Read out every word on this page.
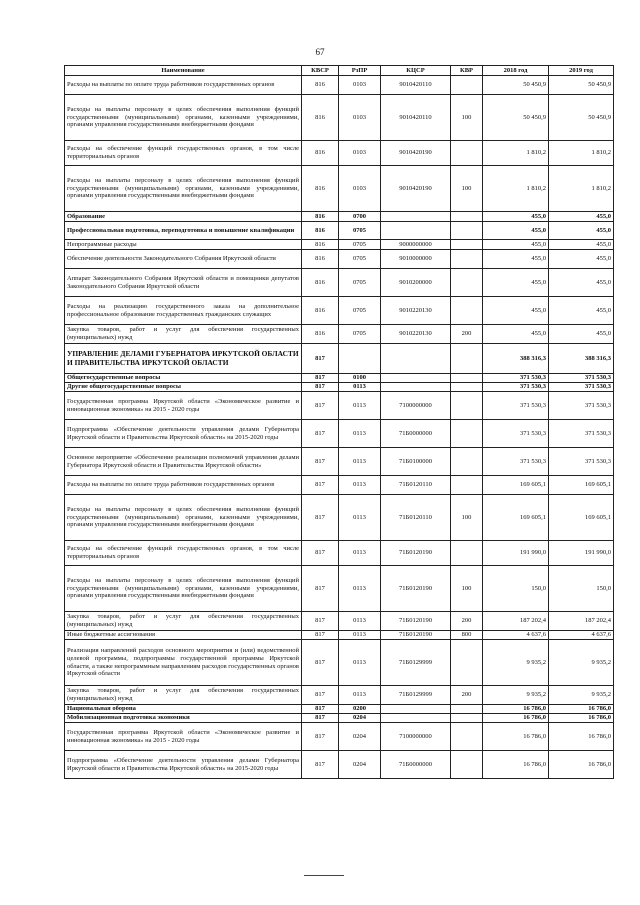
67
Наименование	КВСР	РзПР	КЦСР	КВР	2018 год	2019 год
Расходы на выплаты по оплате труда работников государственных органов	816	0103	9010420110		50 450,9	50 450,9
Расходы на выплаты персоналу в целях обеспечения выполнения функций государственными (муниципальными) органами, казенными учреждениями, органами управления государственными внебюджетными фондами	816	0103	9010420110	100	50 450,9	50 450,9
Расходы на обеспечение функций государственных органов, в том числе территориальных органов	816	0103	9010420190		1 810,2	1 810,2
Расходы на выплаты персоналу в целях обеспечения выполнения функций государственными (муниципальными) органами, казенными учреждениями, органами управления государственными внебюджетными фондами	816	0103	9010420190	100	1 810,2	1 810,2
Образование	816	0700			455,0	455,0
Профессиональная подготовка, переподготовка и повышение квалификации	816	0705			455,0	455,0
Непрограммные расходы	816	0705	9000000000		455,0	455,0
Обеспечение деятельности Законодательного Собрания Иркутской области	816	0705	9010000000		455,0	455,0
Аппарат Законодательного Собрания Иркутской области и помощники депутатов Законодательного Собрания Иркутской области	816	0705	9010200000		455,0	455,0
Расходы на реализацию государственного заказа на дополнительное профессиональное образование государственных гражданских служащих	816	0705	9010220130		455,0	455,0
Закупка товаров, работ и услуг для обеспечения государственных (муниципальных) нужд	816	0705	9010220130	200	455,0	455,0
УПРАВЛЕНИЕ ДЕЛАМИ ГУБЕРНАТОРА ИРКУТСКОЙ ОБЛАСТИ И ПРАВИТЕЛЬСТВА ИРКУТСКОЙ ОБЛАСТИ	817				388 316,3	388 316,3
Общегосударственные вопросы	817	0100			371 530,3	371 530,3
Другие общегосударственные вопросы	817	0113			371 530,3	371 530,3
Государственная программа Иркутской области «Экономическое развитие и инновационная экономика» на 2015 - 2020 годы	817	0113	7100000000		371 530,3	371 530,3
Подпрограмма «Обеспечение деятельности управления делами Губернатора Иркутской области и Правительства Иркутской области» на 2015-2020 годы	817	0113	71Б0000000		371 530,3	371 530,3
Основное мероприятие «Обеспечение реализации полномочий управления делами Губернатора Иркутской области и Правительства Иркутской области»	817	0113	71Б0100000		371 530,3	371 530,3
Расходы на выплаты по оплате труда работников государственных органов	817	0113	71Б0120110		169 605,1	169 605,1
Расходы на выплаты персоналу в целях обеспечения выполнения функций государственными (муниципальными) органами, казенными учреждениями, органами управления государственными внебюджетными фондами	817	0113	71Б0120110	100	169 605,1	169 605,1
Расходы на обеспечение функций государственных органов, в том числе территориальных органов	817	0113	71Б0120190		191 990,0	191 990,0
Расходы на выплаты персоналу в целях обеспечения выполнения функций государственными (муниципальными) органами, казенными учреждениями, органами управления государственными внебюджетными фондами	817	0113	71Б0120190	100	150,0	150,0
Закупка товаров, работ и услуг для обеспечения государственных (муниципальных) нужд	817	0113	71Б0120190	200	187 202,4	187 202,4
Иные бюджетные ассигнования	817	0113	71Б0120190	800	4 637,6	4 637,6
Реализация направлений расходов основного мероприятия и (или) ведомственной целевой программы, подпрограммы государственной программы Иркутской области, а также непрограммным направлениям расходов государственных органов Иркутской области	817	0113	71Б0129999		9 935,2	9 935,2
Закупка товаров, работ и услуг для обеспечения государственных (муниципальных) нужд	817	0113	71Б0129999	200	9 935,2	9 935,2
Национальная оборона	817	0200			16 786,0	16 786,0
Мобилизационная подготовка экономики	817	0204			16 786,0	16 786,0
Государственная программа Иркутской области «Экономическое развитие и инновационная экономика» на 2015 - 2020 годы	817	0204	7100000000		16 786,0	16 786,0
Подпрограмма «Обеспечение деятельности управления делами Губернатора Иркутской области и Правительства Иркутской области» на 2015-2020 годы	817	0204	71Б0000000		16 786,0	16 786,0
